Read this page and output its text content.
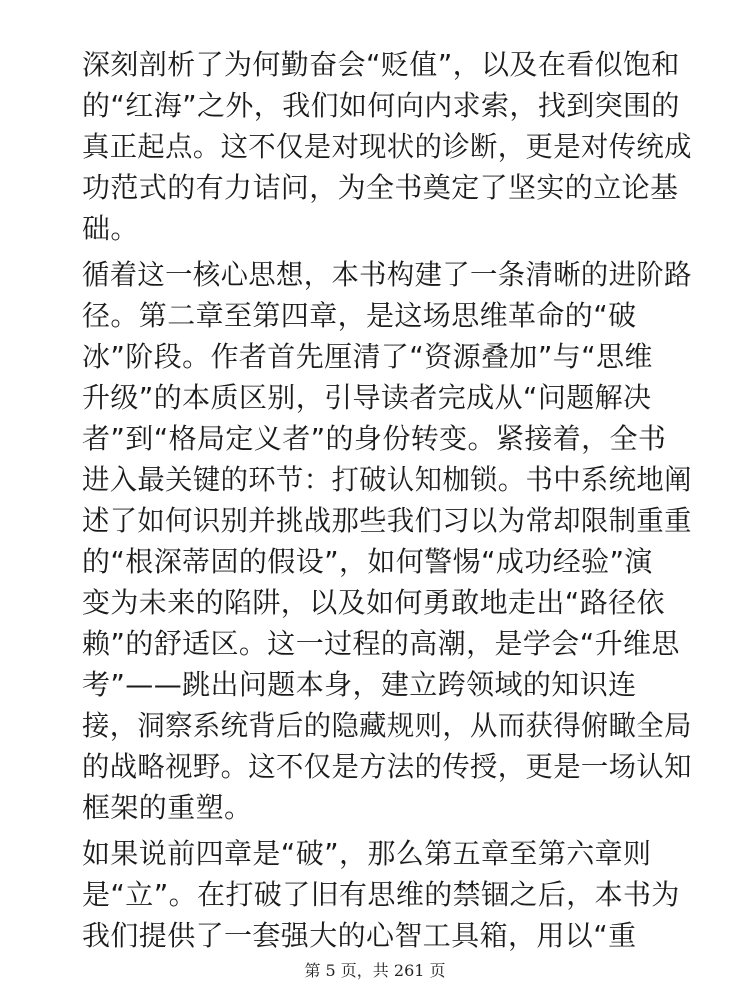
深刻剖析了为何勤奋会“贬值”，以及在看似饱和
的“红海”之外，我们如何向内求索，找到突围的
真正起点。这不仅是对现状的诊断，更是对传统成
功范式的有力诘问，为全书奠定了坚实的立论基
础。
循着这一核心思想，本书构建了一条清晰的进阶路
径。第二章至第四章，是这场思维革命的“破
冰”阶段。作者首先厘清了“资源叠加”与“思维
升级”的本质区别，引导读者完成从“问题解决
者”到“格局定义者”的身份转变。紧接着，全书
进入最关键的环节：打破认知枷锁。书中系统地阐
述了如何识别并挑战那些我们习以为常却限制重重
的“根深蒂固的假设”，如何警惕“成功经验”演
变为未来的陷阱，以及如何勇敢地走出“路径依
赖”的舒适区。这一过程的高潮，是学会“升维思
考”——跳出问题本身，建立跨领域的知识连
接，洞察系统背后的隐藏规则，从而获得俯瞰全局
的战略视野。这不仅是方法的传授，更是一场认知
框架的重塑。
如果说前四章是“破”，那么第五章至第六章则
是“立”。在打破了旧有思维的禁锢之后，本书为
我们提供了一套强大的心智工具箱，用以“重
第 5 页，共 261 页
